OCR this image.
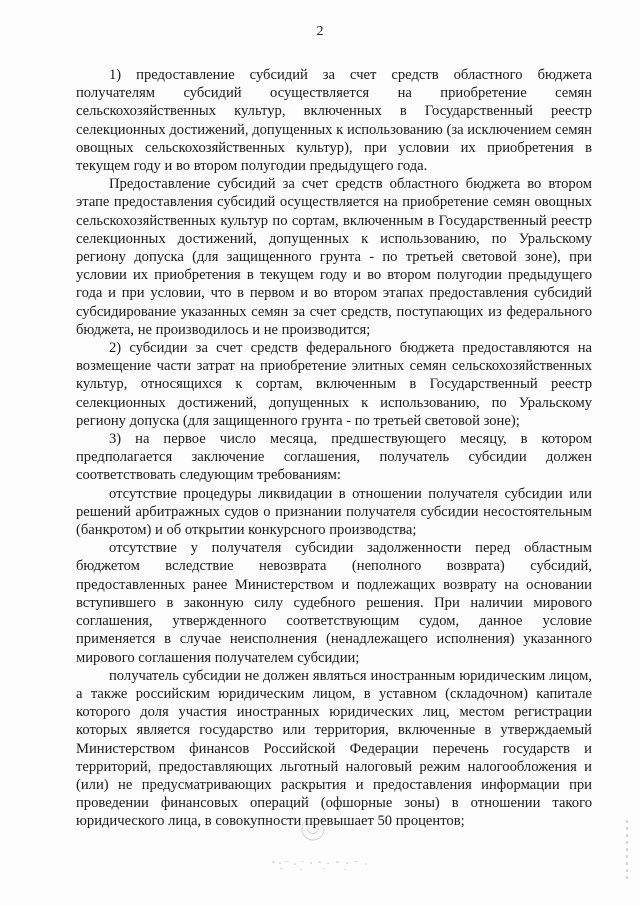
2

1) предоставление субсидий за счет средств областного бюджета получателям субсидий осуществляется на приобретение семян сельскохозяйственных культур, включенных в Государственный реестр селекционных достижений, допущенных к использованию (за исключением семян овощных сельскохозяйственных культур), при условии их приобретения в текущем году и во втором полугодии предыдущего года.

Предоставление субсидий за счет средств областного бюджета во втором этапе предоставления субсидий осуществляется на приобретение семян овощных сельскохозяйственных культур по сортам, включенным в Государственный реестр селекционных достижений, допущенных к использованию, по Уральскому региону допуска (для защищенного грунта - по третьей световой зоне), при условии их приобретения в текущем году и во втором полугодии предыдущего года и при условии, что в первом и во втором этапах предоставления субсидий субсидирование указанных семян за счет средств, поступающих из федерального бюджета, не производилось и не производится;

2) субсидии за счет средств федерального бюджета предоставляются на возмещение части затрат на приобретение элитных семян сельскохозяйственных культур, относящихся к сортам, включенным в Государственный реестр селекционных достижений, допущенных к использованию, по Уральскому региону допуска (для защищенного грунта - по третьей световой зоне);

3) на первое число месяца, предшествующего месяцу, в котором предполагается заключение соглашения, получатель субсидии должен соответствовать следующим требованиям:

отсутствие процедуры ликвидации в отношении получателя субсидии или решений арбитражных судов о признании получателя субсидии несостоятельным (банкротом) и об открытии конкурсного производства;

отсутствие у получателя субсидии задолженности перед областным бюджетом вследствие невозврата (неполного возврата) субсидий, предоставленных ранее Министерством и подлежащих возврату на основании вступившего в законную силу судебного решения. При наличии мирового соглашения, утвержденного соответствующим судом, данное условие применяется в случае неисполнения (ненадлежащего исполнения) указанного мирового соглашения получателем субсидии;

получатель субсидии не должен являться иностранным юридическим лицом, а также российским юридическим лицом, в уставном (складочном) капитале которого доля участия иностранных юридических лиц, местом регистрации которых является государство или территория, включенные в утверждаемый Министерством финансов Российской Федерации перечень государств и территорий, предоставляющих льготный налоговый режим налогообложения и (или) не предусматривающих раскрытия и предоставления информации при проведении финансовых операций (офшорные зоны) в отношении такого юридического лица, в совокупности превышает 50 процентов;
